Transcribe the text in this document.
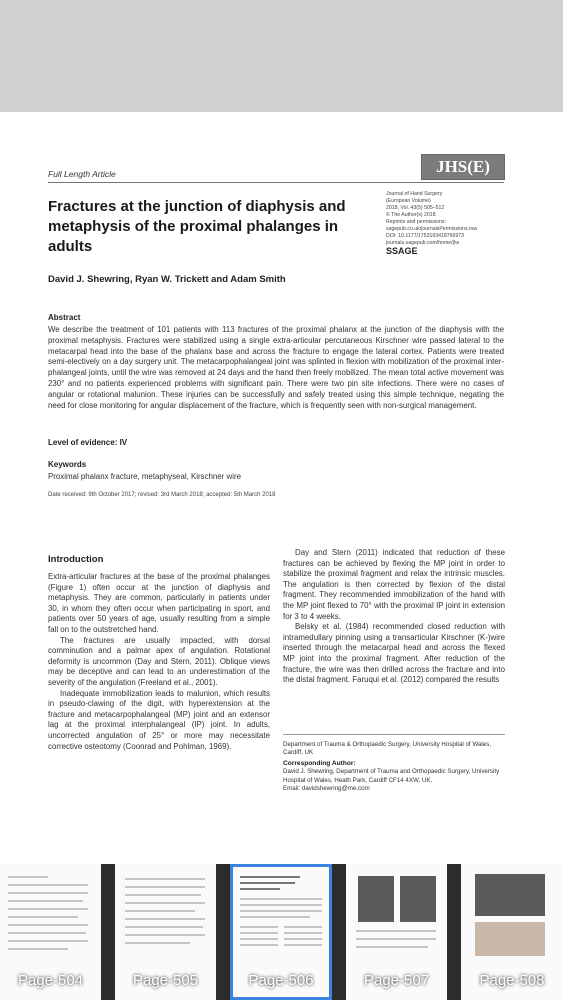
Full Length Article	JHS(E)
Fractures at the junction of diaphysis and metaphysis of the proximal phalanges in adults
Journal of Hand Surgery
(European Volume)
2018, Vol. 43(5) 505–512
© The Author(s) 2018
Reprints and permissions:
sagepub.co.uk/journalsPermissions.nav
DOI: 10.1177/1753193418766973
journals.sagepub.com/home/jhs
SSAGE
David J. Shewring, Ryan W. Trickett and Adam Smith
Abstract

We describe the treatment of 101 patients with 113 fractures of the proximal phalanx at the junction of the diaphysis with the proximal metaphysis. Fractures were stabilized using a single extra-articular percutaneous Kirschner wire passed lateral to the metacarpal head into the base of the phalanx base and across the fracture to engage the lateral cortex. Patients were treated semi-electively on a day surgery unit. The metacarpophalangeal joint was splinted in flexion with mobilization of the proximal inter-phalangeal joints, until the wire was removed at 24 days and the hand then freely mobilized. The mean total active movement was 230° and no patients experienced problems with significant pain. There were two pin site infections. There were no cases of angular or rotational malunion. These injuries can be successfully and safely treated using this simple technique, negating the need for close monitoring for angular displacement of the fracture, which is frequently seen with non-surgical management.

Level of evidence: IV
Keywords
Proximal phalanx fracture, metaphyseal, Kirschner wire
Date received: 9th October 2017; revised: 3rd March 2018; accepted: 5th March 2018
Introduction

Extra-articular fractures at the base of the proximal phalanges (Figure 1) often occur at the junction of diaphysis and metaphysis. They are common, particularly in patients under 30, in whom they often occur when participating in sport, and patients over 50 years of age, usually resulting from a simple fall on to the outstretched hand.

The fractures are usually impacted, with dorsal comminution and a palmar apex of angulation. Rotational deformity is uncommon (Day and Stern, 2011). Oblique views may be deceptive and can lead to an underestimation of the severity of the angulation (Freeland et al., 2001).

Inadequate immobilization leads to malunion, which results in pseudo-clawing of the digit, with hyperextension at the fracture and metacarpophalangeal (MP) joint and an extensor lag at the proximal interphalangeal (IP) joint. In adults, uncorrected angulation of 25° or more may necessitate corrective osteotomy (Coonrad and Pohlman, 1969).

Day and Stern (2011) indicated that reduction of these fractures can be achieved by flexing the MP joint in order to stabilize the proximal fragment and relax the intrinsic muscles. The angulation is then corrected by flexion of the distal fragment. They recommended immobilization of the hand with the MP joint flexed to 70° with the proximal IP joint in extension for 3 to 4 weeks.

Belsky et al. (1984) recommended closed reduction with intramedullary pinning using a transarticular Kirschner (K-)wire inserted through the metacarpal head and across the flexed MP joint into the proximal fragment. After reduction of the fracture, the wire was then drilled across the fracture and into the distal fragment. Faruqui et al. (2012) compared the results

Department of Trauma & Orthopaedic Surgery, University Hospital of Wales, Cardiff, UK
Corresponding Author:
David J. Shewring, Department of Trauma and Orthopaedic Surgery, University Hospital of Wales, Heath Park, Cardiff CF14 4XW, UK.
Email: davidshewring@me.com
Page-504	Page-505	Page-506	Page-507	Page-508
